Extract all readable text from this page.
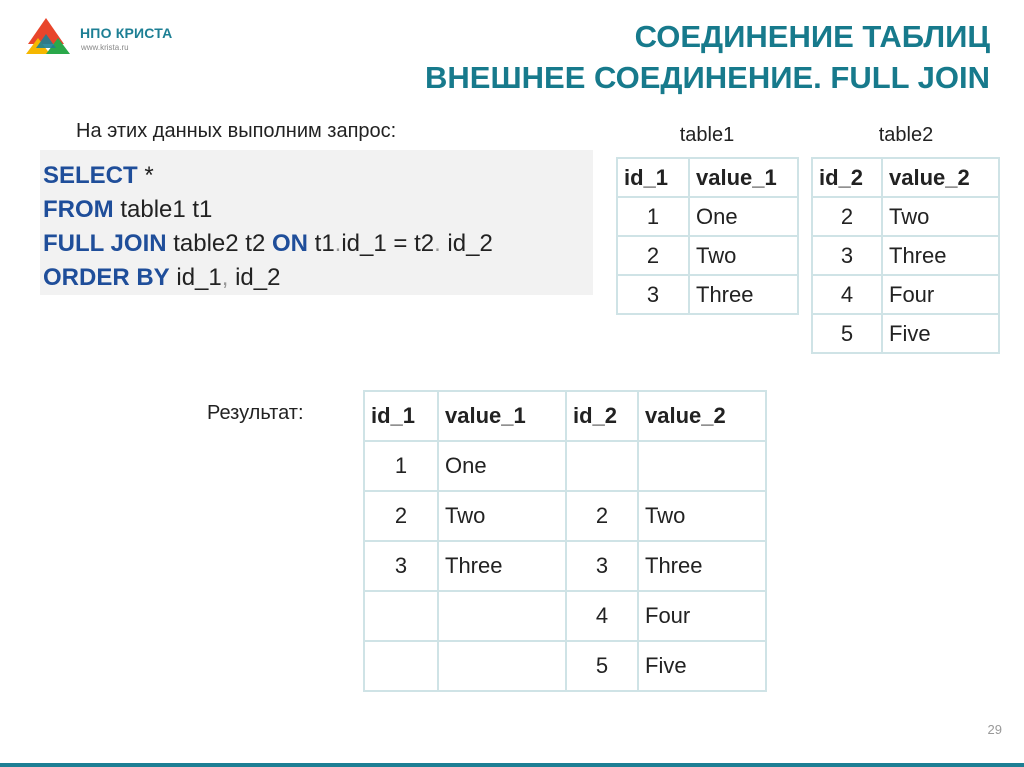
НПО КРИСТА
www.krista.ru	СОЕДИНЕНИЕ ТАБЛИЦ
ВНЕШНЕЕ СОЕДИНЕНИЕ. FULL JOIN
На этих данных выполним запрос:
SELECT *
FROM table1 t1
FULL JOIN table2 t2 ON t1.id_1 = t2. id_2
ORDER BY id_1, id_2
table1
id_1	value_1
1	One
2	Two
3	Three
table2
id_2	value_2
2	Two
3	Three
4	Four
5	Five
Результат:	id_1	value_1	id_2	value_2
1	One		
2	Two	2	Two
3	Three	3	Three
		4	Four
		5	Five
29
